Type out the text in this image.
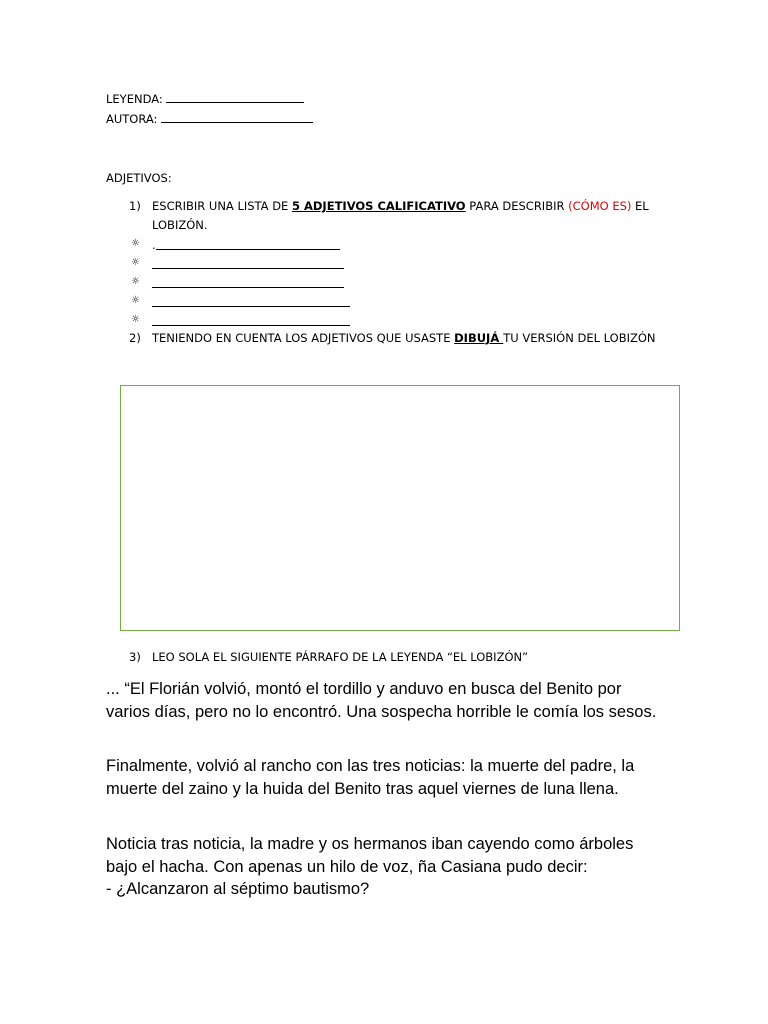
LEYENDA:
AUTORA:
ADJETIVOS:
1) ESCRIBIR UNA LISTA DE 5 ADJETIVOS CALIFICATIVO PARA DESCRIBIR (CÓMO ES) EL
LOBIZÓN.
☼ .
☼
☼
☼
☼
2) TENIENDO EN CUENTA LOS ADJETIVOS QUE USASTE DIBUJÁ TU VERSIÓN DEL LOBIZÓN
3) LEO SOLA EL SIGUIENTE PÁRRAFO DE LA LEYENDA “EL LOBIZÓN”
... “El Florián volvió, montó el tordillo y anduvo en busca del Benito por varios días, pero no lo encontró. Una sospecha horrible le comía los sesos.
Finalmente, volvió al rancho con las tres noticias: la muerte del padre, la muerte del zaino y la huida del Benito tras aquel viernes de luna llena.
Noticia tras noticia, la madre y os hermanos iban cayendo como árboles bajo el hacha. Con apenas un hilo de voz, ña Casiana pudo decir:
- ¿Alcanzaron al séptimo bautismo?
